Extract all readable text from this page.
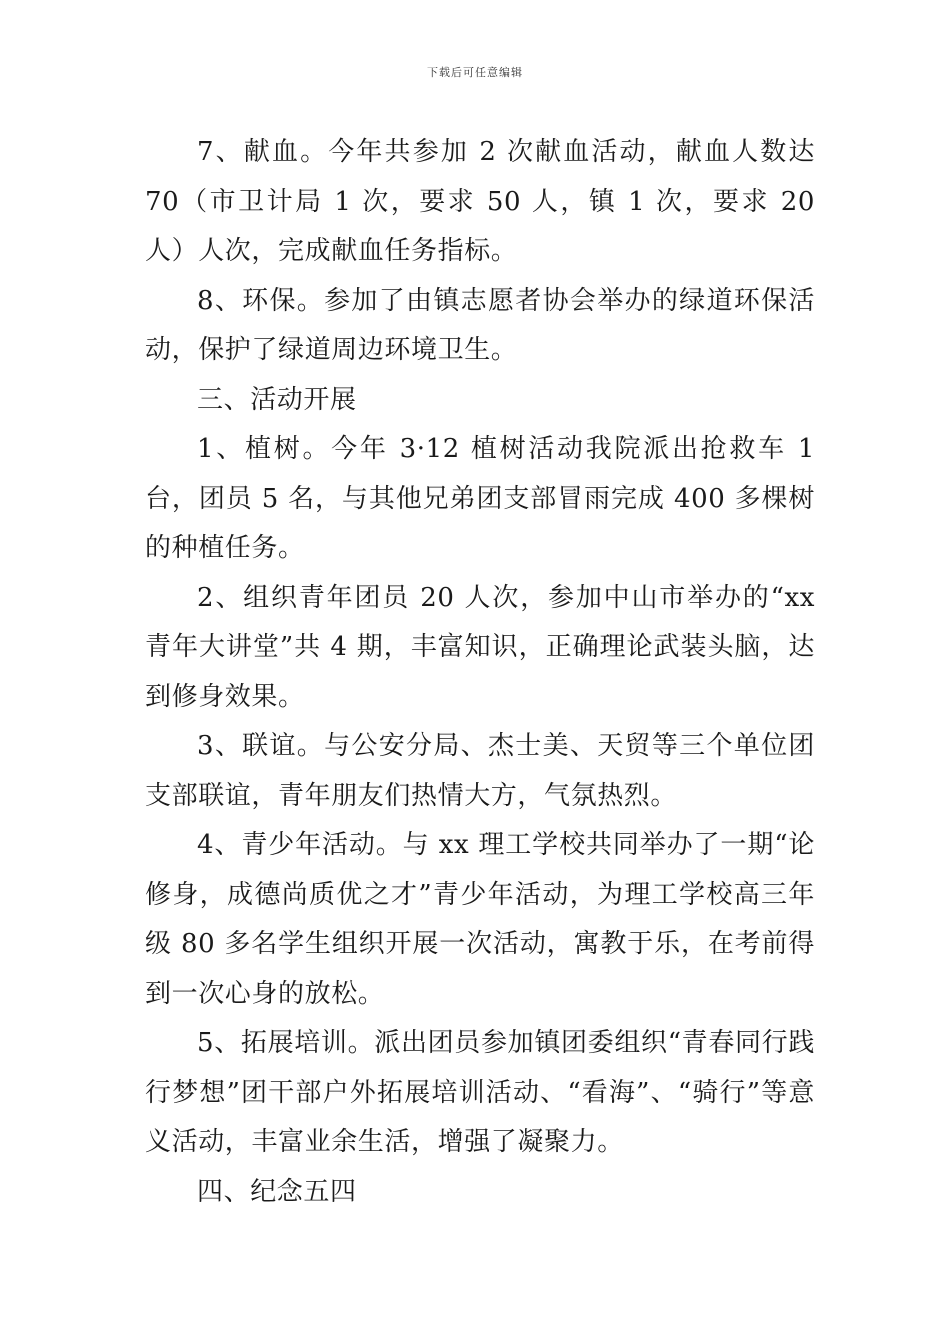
下载后可任意编辑

7、献血。今年共参加 2 次献血活动，献血人数达 70（市卫计局 1 次，要求 50 人，镇 1 次，要求 20 人）人次，完成献血任务指标。

8、环保。参加了由镇志愿者协会举办的绿道环保活动，保护了绿道周边环境卫生。

三、活动开展

1、植树。今年 3·12 植树活动我院派出抢救车 1 台，团员 5 名，与其他兄弟团支部冒雨完成 400 多棵树的种植任务。

2、组织青年团员 20 人次，参加中山市举办的“xx 青年大讲堂”共 4 期，丰富知识，正确理论武装头脑，达到修身效果。

3、联谊。与公安分局、杰士美、天贸等三个单位团支部联谊，青年朋友们热情大方，气氛热烈。

4、青少年活动。与 xx 理工学校共同举办了一期“论修身，成德尚质优之才”青少年活动，为理工学校高三年级 80 多名学生组织开展一次活动，寓教于乐，在考前得到一次心身的放松。

5、拓展培训。派出团员参加镇团委组织“青春同行践行梦想”团干部户外拓展培训活动、“看海”、“骑行”等意义活动，丰富业余生活，增强了凝聚力。

四、纪念五四
